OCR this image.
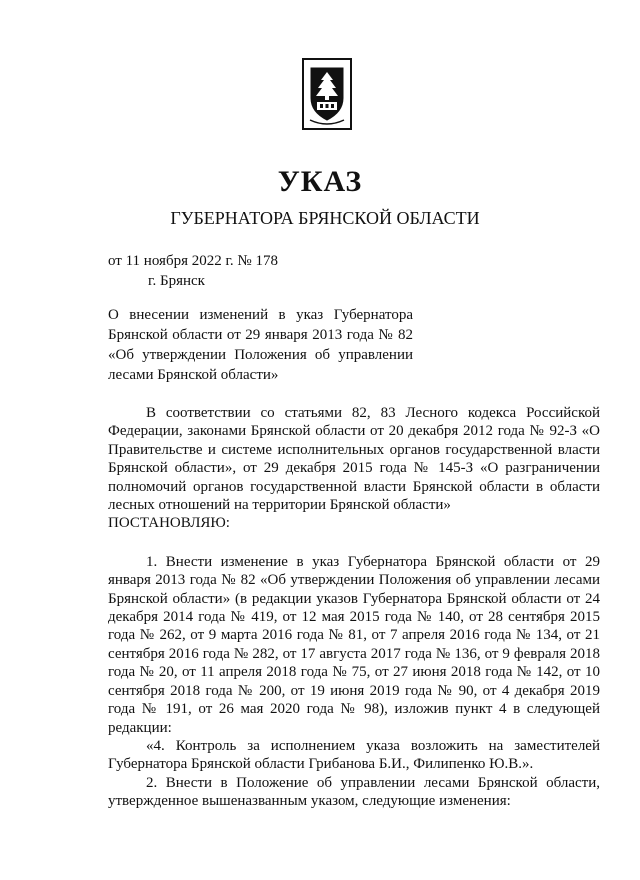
УКАЗ
ГУБЕРНАТОРА БРЯНСКОЙ ОБЛАСТИ
от 11 ноября 2022 г. № 178
г. Брянск
О внесении изменений в указ Губернатора Брянской области от 29 января 2013 года № 82 «Об утверждении Положения об управлении лесами Брянской области»

В соответствии со статьями 82, 83 Лесного кодекса Российской Федерации, законами Брянской области от 20 декабря 2012 года № 92-З «О Правительстве и системе исполнительных органов государственной власти Брянской области», от 29 декабря 2015 года № 145-З «О разграничении полномочий органов государственной власти Брянской области в области лесных отношений на территории Брянской области»

ПОСТАНОВЛЯЮ:

1. Внести изменение в указ Губернатора Брянской области от 29 января 2013 года № 82 «Об утверждении Положения об управлении лесами Брянской области» (в редакции указов Губернатора Брянской области от 24 декабря 2014 года № 419, от 12 мая 2015 года № 140, от 28 сентября 2015 года № 262, от 9 марта 2016 года № 81, от 7 апреля 2016 года № 134, от 21 сентября 2016 года № 282, от 17 августа 2017 года № 136, от 9 февраля 2018 года № 20, от 11 апреля 2018 года № 75, от 27 июня 2018 года № 142, от 10 сентября 2018 года № 200, от 19 июня 2019 года № 90, от 4 декабря 2019 года № 191, от 26 мая 2020 года № 98), изложив пункт 4 в следующей редакции:

«4. Контроль за исполнением указа возложить на заместителей Губернатора Брянской области Грибанова Б.И., Филипенко Ю.В.».

2. Внести в Положение об управлении лесами Брянской области, утвержденное вышеназванным указом, следующие изменения:
